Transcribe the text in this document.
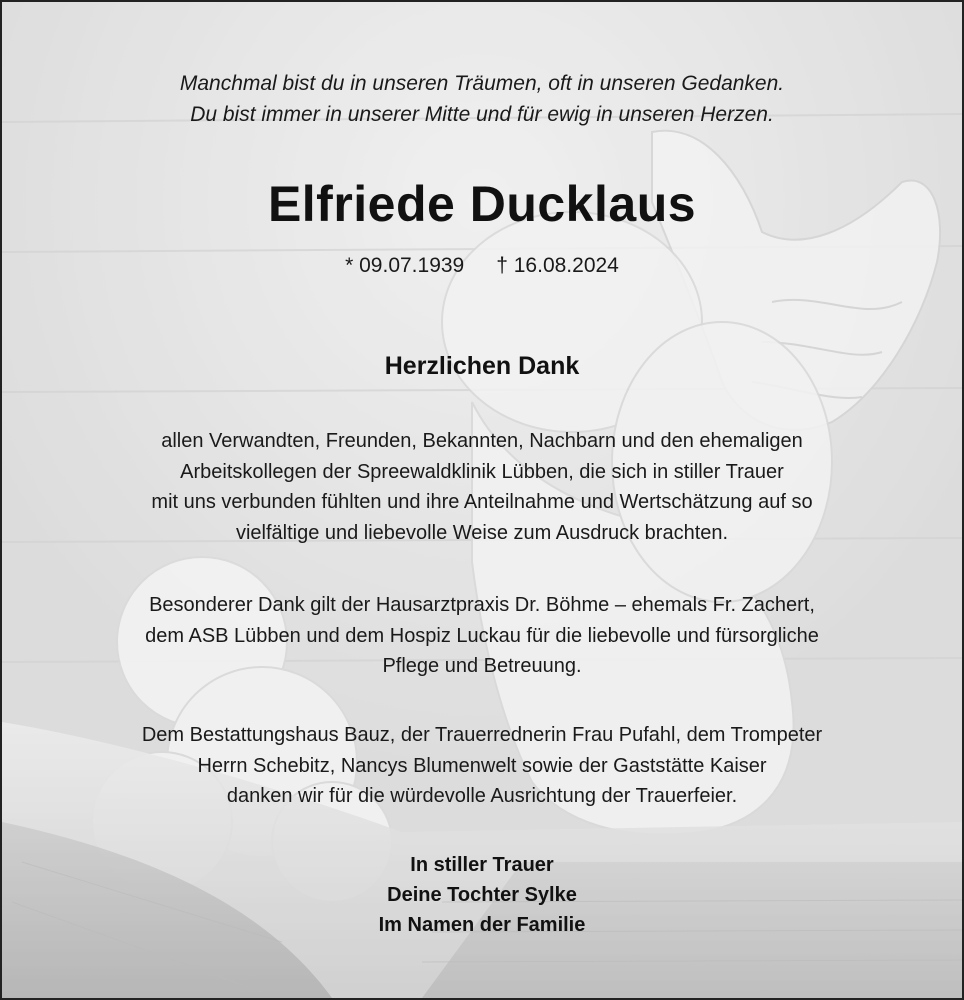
Manchmal bist du in unseren Träumen, oft in unseren Gedanken.
Du bist immer in unserer Mitte und für ewig in unseren Herzen.
Elfriede Ducklaus
* 09.07.1939 † 16.08.2024
Herzlichen Dank
allen Verwandten, Freunden, Bekannten, Nachbarn und den ehemaligen
Arbeitskollegen der Spreewaldklinik Lübben, die sich in stiller Trauer
mit uns verbunden fühlten und ihre Anteilnahme und Wertschätzung auf so
vielfältige und liebevolle Weise zum Ausdruck brachten.
Besonderer Dank gilt der Hausarztpraxis Dr. Böhme – ehemals Fr. Zachert,
dem ASB Lübben und dem Hospiz Luckau für die liebevolle und fürsorgliche
Pflege und Betreuung.
Dem Bestattungshaus Bauz, der Trauerrednerin Frau Pufahl, dem Trompeter
Herrn Schebitz, Nancys Blumenwelt sowie der Gaststätte Kaiser
danken wir für die würdevolle Ausrichtung der Trauerfeier.
In stiller Trauer
Deine Tochter Sylke
Im Namen der Familie
